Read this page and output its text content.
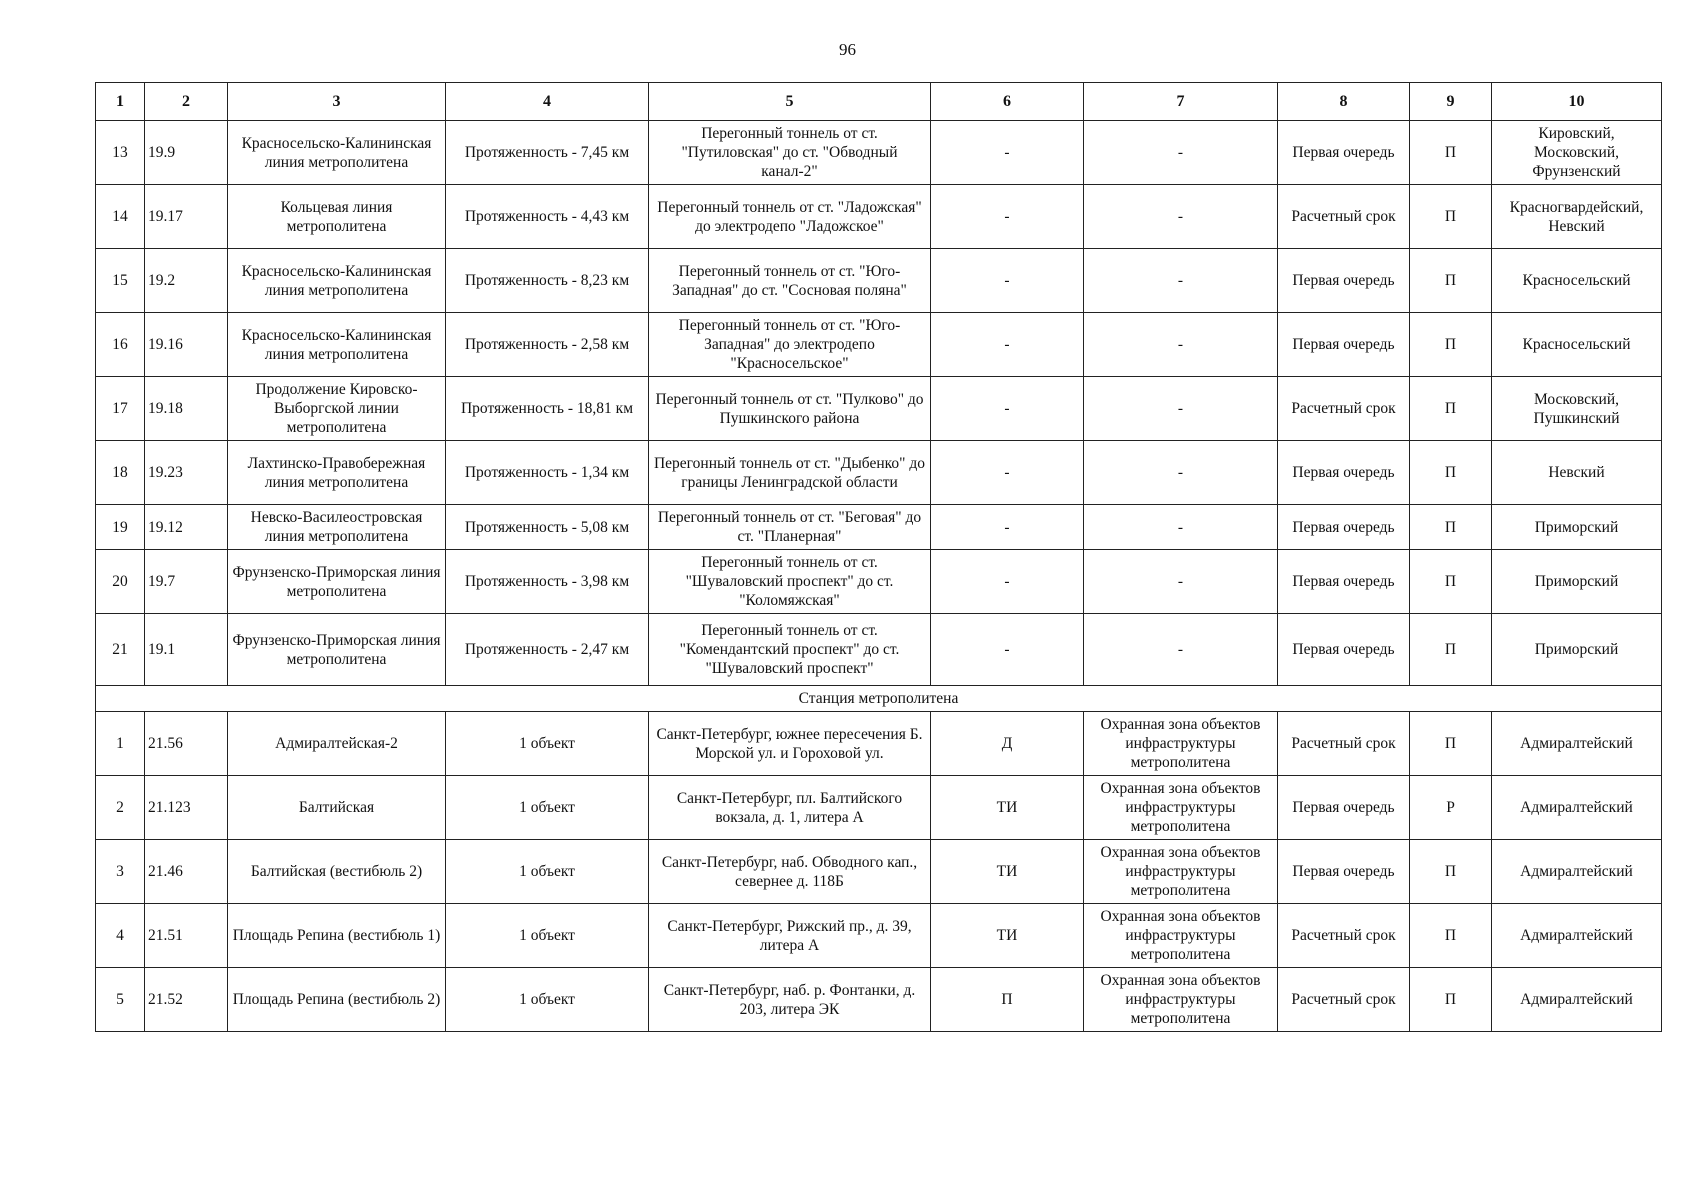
96
1	2	3	4	5	6	7	8	9	10
13	19.9	Красносельско-Калининская линия метрополитена	Протяженность - 7,45 км	Перегонный тоннель от ст. "Путиловская" до ст. "Обводный канал-2"	-	-	Первая очередь	П	Кировский, Московский, Фрунзенский
14	19.17	Кольцевая линия метрополитена	Протяженность - 4,43 км	Перегонный тоннель от ст. "Ладожская" до электродепо "Ладожское"	-	-	Расчетный срок	П	Красногвардейский, Невский
15	19.2	Красносельско-Калининская линия метрополитена	Протяженность - 8,23 км	Перегонный тоннель от ст. "Юго-Западная" до ст. "Сосновая поляна"	-	-	Первая очередь	П	Красносельский
16	19.16	Красносельско-Калининская линия метрополитена	Протяженность - 2,58 км	Перегонный тоннель от ст. "Юго-Западная" до электродепо "Красносельское"	-	-	Первая очередь	П	Красносельский
17	19.18	Продолжение Кировско-Выборгской линии метрополитена	Протяженность - 18,81 км	Перегонный тоннель от ст. "Пулково" до Пушкинского района	-	-	Расчетный срок	П	Московский, Пушкинский
18	19.23	Лахтинско-Правобережная линия метрополитена	Протяженность - 1,34 км	Перегонный тоннель от ст. "Дыбенко" до границы Ленинградской области	-	-	Первая очередь	П	Невский
19	19.12	Невско-Василеостровская линия метрополитена	Протяженность - 5,08 км	Перегонный тоннель от ст. "Беговая" до ст. "Планерная"	-	-	Первая очередь	П	Приморский
20	19.7	Фрунзенско-Приморская линия метрополитена	Протяженность - 3,98 км	Перегонный тоннель от ст. "Шуваловский проспект" до ст. "Коломяжская"	-	-	Первая очередь	П	Приморский
21	19.1	Фрунзенско-Приморская линия метрополитена	Протяженность - 2,47 км	Перегонный тоннель от ст. "Комендантский проспект" до ст. "Шуваловский проспект"	-	-	Первая очередь	П	Приморский
Станция метрополитена									
1	21.56	Адмиралтейская-2	1 объект	Санкт-Петербург, южнее пересечения Б. Морской ул. и Гороховой ул.	Д	Охранная зона объектов инфраструктуры метрополитена	Расчетный срок	П	Адмиралтейский
2	21.123	Балтийская	1 объект	Санкт-Петербург, пл. Балтийского вокзала, д. 1, литера А	ТИ	Охранная зона объектов инфраструктуры метрополитена	Первая очередь	Р	Адмиралтейский
3	21.46	Балтийская (вестибюль 2)	1 объект	Санкт-Петербург, наб. Обводного кап., севернее д. 118Б	ТИ	Охранная зона объектов инфраструктуры метрополитена	Первая очередь	П	Адмиралтейский
4	21.51	Площадь Репина (вестибюль 1)	1 объект	Санкт-Петербург, Рижский пр., д. 39, литера А	ТИ	Охранная зона объектов инфраструктуры метрополитена	Расчетный срок	П	Адмиралтейский
5	21.52	Площадь Репина (вестибюль 2)	1 объект	Санкт-Петербург, наб. р. Фонтанки, д. 203, литера ЭК	П	Охранная зона объектов инфраструктуры метрополитена	Расчетный срок	П	Адмиралтейский
